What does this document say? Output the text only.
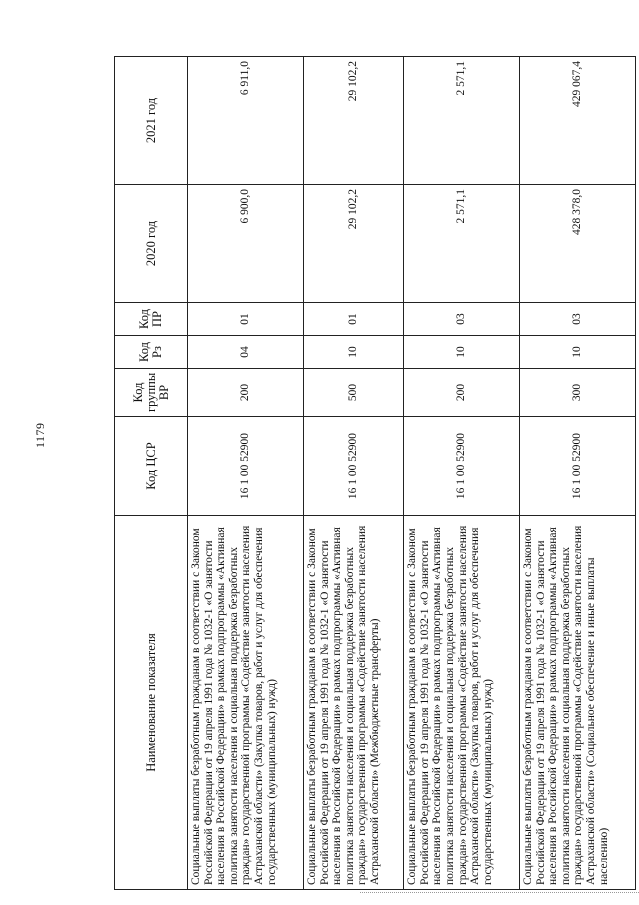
1179
Наименование показателя	Код ЦСР	Код группы ВР	Код Рз	Код ПР	2020 год	2021 год
Социальные выплаты безработным гражданам в соответствии с Законом Российской Федерации от 19 апреля 1991 года № 1032-1 «О занятости населения в Российской Федерации» в рамках подпрограммы «Активная политика занятости населения и социальная поддержка безработных граждан» государственной программы «Содействие занятости населения Астраханской области» (Закупка товаров, работ и услуг для обеспечения государственных (муниципальных) нужд)	16 1 00 52900	200	04	01	6 900,0	6 911,0
Социальные выплаты безработным гражданам в соответствии с Законом Российской Федерации от 19 апреля 1991 года № 1032-1 «О занятости населения в Российской Федерации» в рамках подпрограммы «Активная политика занятости населения и социальная поддержка безработных граждан» государственной программы «Содействие занятости населения Астраханской области» (Межбюджетные трансферты)	16 1 00 52900	500	10	01	29 102,2	29 102,2
Социальные выплаты безработным гражданам в соответствии с Законом Российской Федерации от 19 апреля 1991 года № 1032-1 «О занятости населения в Российской Федерации» в рамках подпрограммы «Активная политика занятости населения и социальная поддержка безработных граждан» государственной программы «Содействие занятости населения Астраханской области» (Закупка товаров, работ и услуг для обеспечения государственных (муниципальных) нужд)	16 1 00 52900	200	10	03	2 571,1	2 571,1
Социальные выплаты безработным гражданам в соответствии с Законом Российской Федерации от 19 апреля 1991 года № 1032-1 «О занятости населения в Российской Федерации» в рамках подпрограммы «Активная политика занятости населения и социальная поддержка безработных граждан» государственной программы «Содействие занятости населения Астраханской области» (Социальное обеспечение и иные выплаты населению)	16 1 00 52900	300	10	03	428 378,0	429 067,4
